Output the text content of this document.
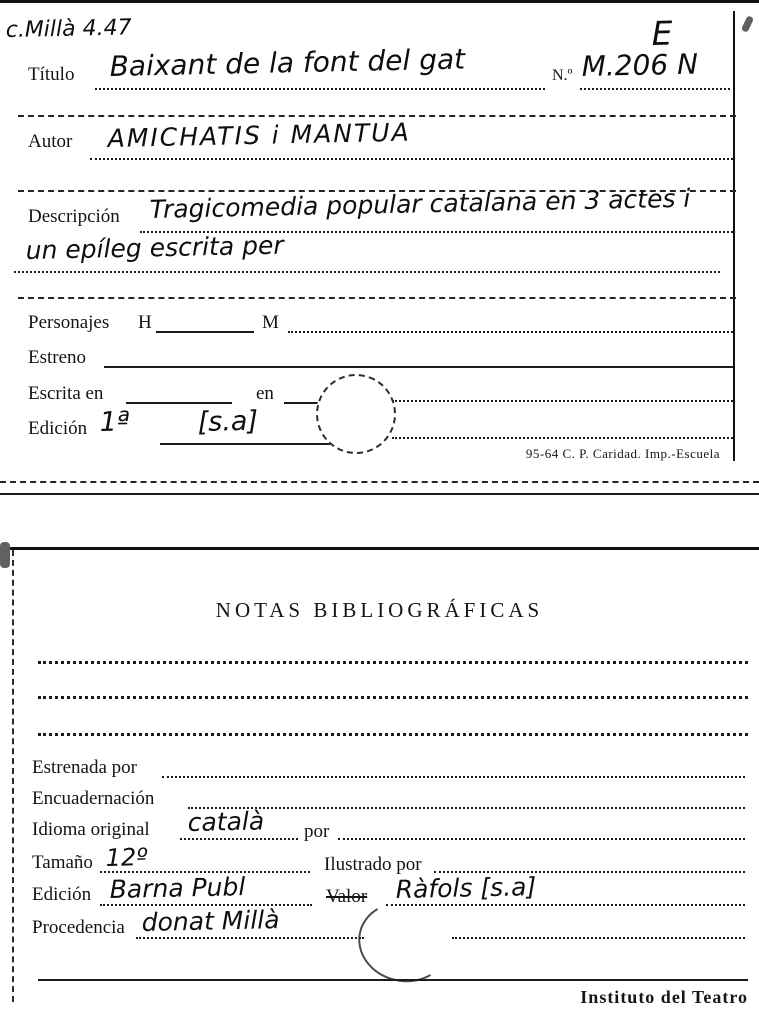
c.Millà 4.47	E
Título Baixant de la font del gat	N.º M.206 N
Autor AMICHATIS i MANTUA
Descripción Tragicomedia popular catalana en 3 actes i
un epíleg escrita per
Personajes H	M
Estreno
Escrita en	en
Edición 1ª [s.a]
95-64 C. P. Caridad. Imp.-Escuela
NOTAS BIBLIOGRÁFICAS
Estrenada por
Encuadernación
Idioma original català por
Tamaño 12º	Ilustrado por
Edición Barna Publ	Valor Ràfols [s.a]
Procedencia donat Millà
Instituto del Teatro
